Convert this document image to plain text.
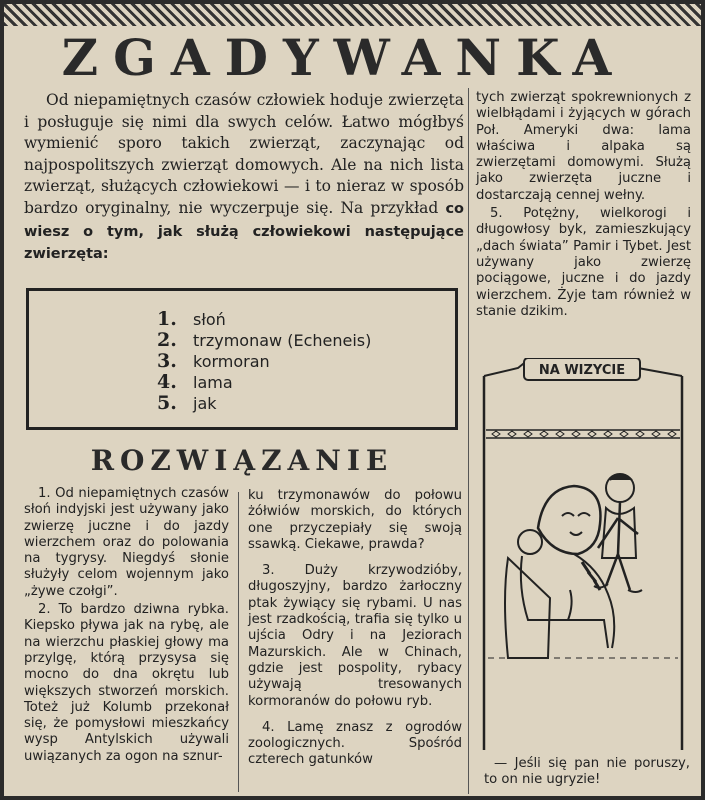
ZGADYWANKA
Od niepamiętnych czasów człowiek hoduje zwierzęta i posługuje się nimi dla swych celów. Łatwo mógłbyś wymienić sporo takich zwierząt, zaczynając od najpospolitszych zwierząt domowych. Ale na nich lista zwierząt, służących człowiekowi — i to nieraz w sposób bardzo oryginalny, nie wyczerpuje się. Na przykład co wiesz o tym, jak służą człowiekowi następujące zwierzęta:
1.	słoń
2.	trzymonaw (Echeneis)
3.	kormoran
4.	lama
5.	jak
ROZWIĄZANIE

1. Od niepamiętnych czasów słoń indyjski jest używany jako zwierzę juczne i do jazdy wierzchem oraz do polowania na tygrysy. Niegdyś słonie służyły celom wojennym jako „żywe czołgi”.

2. To bardzo dziwna rybka. Kiepsko pływa jak na rybę, ale na wierzchu płaskiej głowy ma przylgę, którą przysysa się mocno do dna okrętu lub większych stworzeń morskich. Toteż już Kolumb przekonał się, że pomysłowi mieszkańcy wysp Antylskich używali uwiązanych za ogon na sznur-

ku trzymonawów do połowu żółwiów morskich, do których one przyczepiały się swoją ssawką. Ciekawe, prawda?

3. Duży krzywodzióby, długoszyjny, bardzo żarłoczny ptak żywiący się rybami. U nas jest rzadkością, trafia się tylko u ujścia Odry i na Jeziorach Mazurskich. Ale w Chinach, gdzie jest pospolity, rybacy używają tresowanych kormoranów do połowu ryb.

4. Lamę znasz z ogrodów zoologicznych. Spośród czterech gatunków

tych zwierząt spokrewnionych z wielbłądami i żyjących w górach Poł. Ameryki dwa: lama właściwa i alpaka są zwierzętami domowymi. Służą jako zwierzęta juczne i dostarczają cennej wełny.

5. Potężny, wielkorogi i długowłosy byk, zamieszkujący „dach świata” Pamir i Tybet. Jest używany jako zwierzę pociągowe, juczne i do jazdy wierzchem. Żyje tam również w stanie dzikim.

NA WIZYCIE
— Jeśli się pan nie poruszy, to on nie ugryzie!
